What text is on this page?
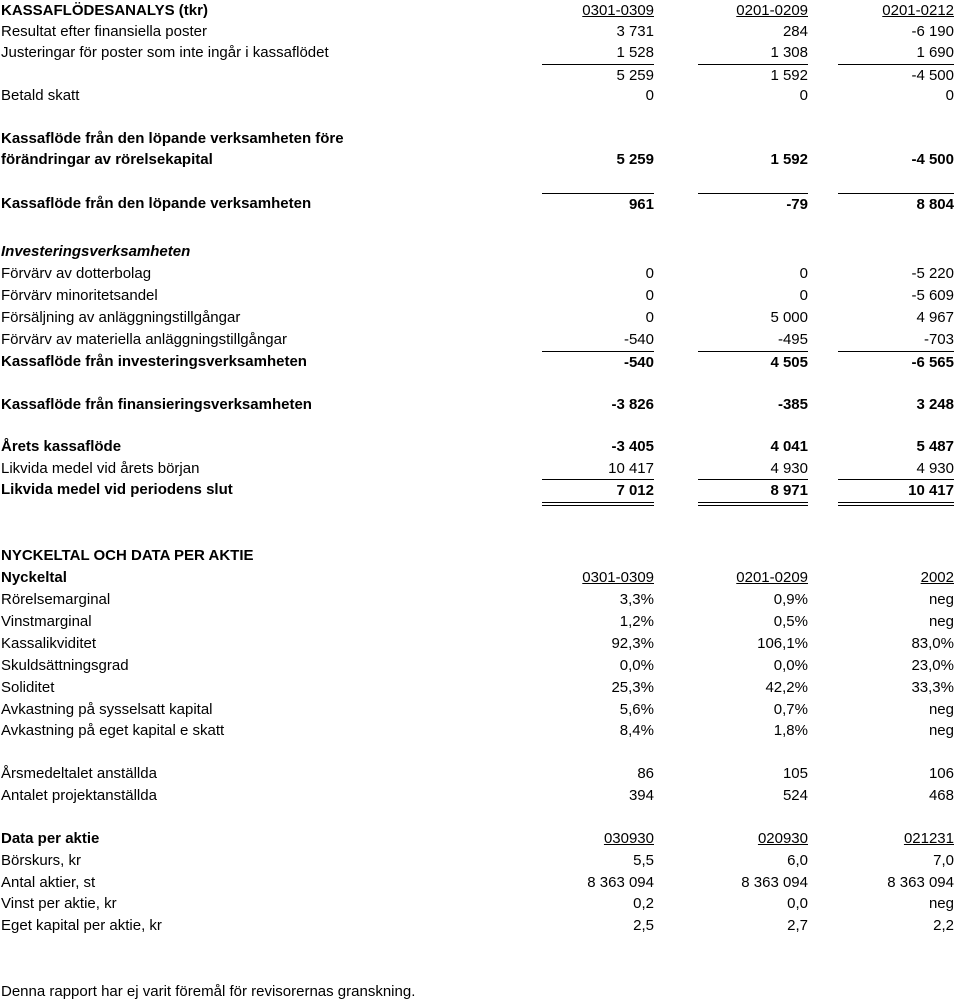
KASSAFLÖDESANALYS (tkr)	0301-0309	0201-0209	0201-0212
Resultat efter finansiella poster	3 731	284	-6 190
Justeringar för poster som inte ingår i kassaflödet	1 528	1 308	1 690
5 259	1 592	-4 500
Betald skatt	0	0	0
Kassaflöde från den löpande verksamheten före
förändringar av rörelsekapital	5 259	1 592	-4 500
Kassaflöde från den löpande verksamheten	961	-79	8 804
Investeringsverksamheten
Förvärv av dotterbolag	0	0	-5 220
Förvärv minoritetsandel	0	0	-5 609
Försäljning av anläggningstillgångar	0	5 000	4 967
Förvärv av materiella anläggningstillgångar	-540	-495	-703
Kassaflöde från investeringsverksamheten	-540	4 505	-6 565
Kassaflöde från finansieringsverksamheten	-3 826	-385	3 248
Årets kassaflöde	-3 405	4 041	5 487
Likvida medel vid årets början	10 417	4 930	4 930
Likvida medel vid periodens slut	7 012	8 971	10 417
NYCKELTAL OCH DATA PER AKTIE
Nyckeltal	0301-0309	0201-0209	2002
Rörelsemarginal	3,3%	0,9%	neg
Vinstmarginal	1,2%	0,5%	neg
Kassalikviditet	92,3%	106,1%	83,0%
Skuldsättningsgrad	0,0%	0,0%	23,0%
Soliditet	25,3%	42,2%	33,3%
Avkastning på sysselsatt kapital	5,6%	0,7%	neg
Avkastning på eget kapital e skatt	8,4%	1,8%	neg
Årsmedeltalet anställda	86	105	106
Antalet projektanställda	394	524	468
Data per aktie	030930	020930	021231
Börskurs, kr	5,5	6,0	7,0
Antal aktier, st	8 363 094	8 363 094	8 363 094
Vinst per aktie, kr	0,2	0,0	neg
Eget kapital per aktie, kr	2,5	2,7	2,2
Denna rapport har ej varit föremål för revisorernas granskning.
